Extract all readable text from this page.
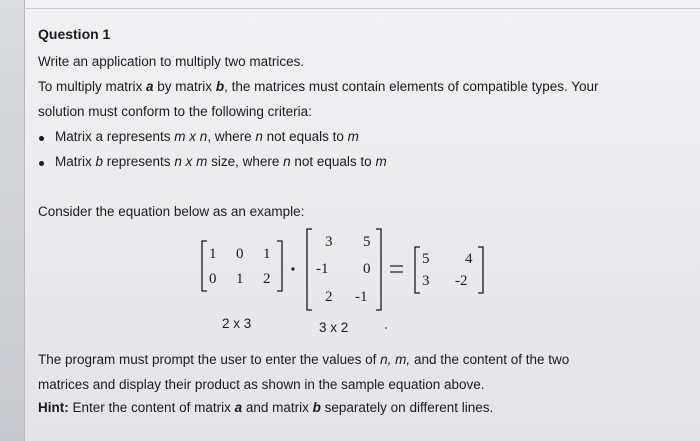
Question 1
Write an application to multiply two matrices.
To multiply matrix a by matrix b, the matrices must contain elements of compatible types. Your
solution must conform to the following criteria:
Matrix a represents m x n, where n not equals to m
Matrix b represents n x m size, where n not equals to m
Consider the equation below as an example:
1 0 1
0 1 2
3 5
-1 0
2 -1
5 4
3 -2
2 x 3	3 x 2
The program must prompt the user to enter the values of n, m, and the content of the two
matrices and display their product as shown in the sample equation above.
Hint: Enter the content of matrix a and matrix b separately on different lines.
